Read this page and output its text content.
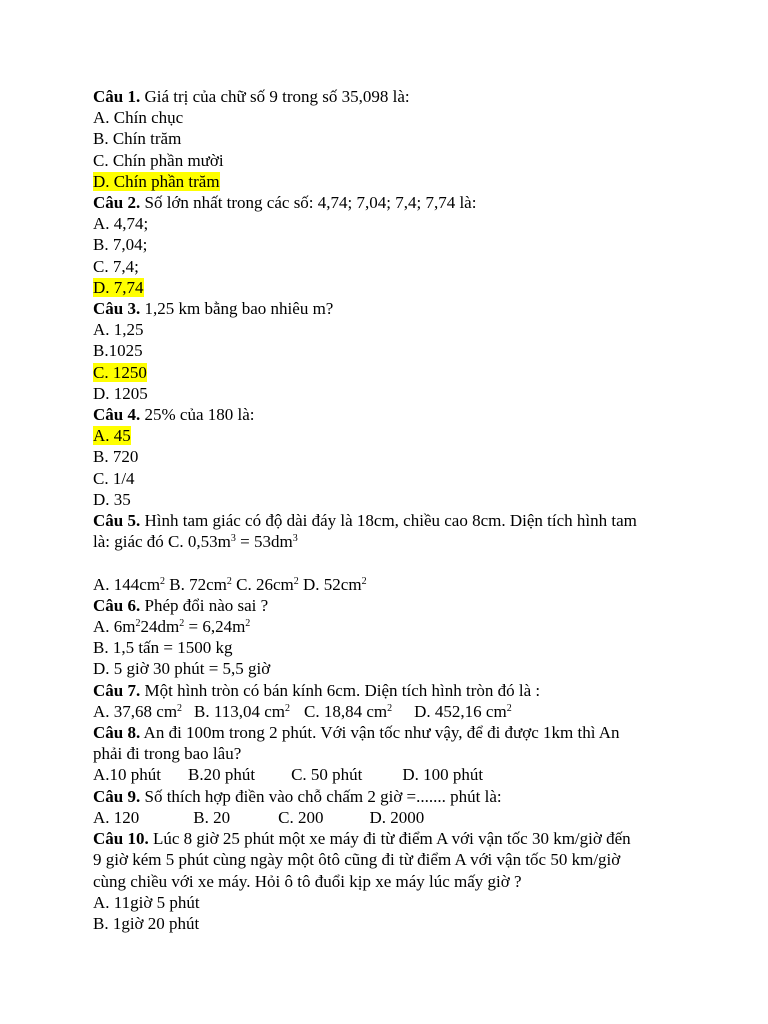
Câu 1. Giá trị của chữ số 9 trong số 35,098 là:
A. Chín chục
B. Chín trăm
C. Chín phần mười
D. Chín phần trăm
Câu 2. Số lớn nhất trong các số: 4,74; 7,04; 7,4; 7,74 là:
A. 4,74;
B. 7,04;
C. 7,4;
D. 7,74
Câu 3. 1,25 km bằng bao nhiêu m?
A. 1,25
B.1025
C. 1250
D. 1205
Câu 4. 25% của 180 là:
A. 45
B. 720
C. 1/4
D. 35
Câu 5. Hình tam giác có độ dài đáy là 18cm, chiều cao 8cm. Diện tích hình tam
là: giác đó C. $0,53m^3 = 53dm^3$
A. $144cm^2$ B. $72cm^2$ C. $26cm^2$ D. $52cm^2$
Câu 6. Phép đổi nào sai ?
A. $6m^224dm^2 = 6,24m^2$
B. 1,5 tấn = 1500 kg
D. 5 giờ 30 phút = 5,5 giờ
Câu 7. Một hình tròn có bán kính 6cm. Diện tích hình tròn đó là :
A. 37,68 $cm^2$ B. 113,04 $cm^2$ C. 18,84 $cm^2$ D. 452,16 $cm^2$
Câu 8. An đi 100m trong 2 phút. Với vận tốc như vậy, để đi được 1km thì An
phải đi trong bao lâu?
A.10 phút B.20 phút C. 50 phút D. 100 phút
Câu 9. Số thích hợp điền vào chỗ chấm 2 giờ =....... phút là:
A. 120	B. 20	C. 200	D. 2000
Câu 10. Lúc 8 giờ 25 phút một xe máy đi từ điểm A với vận tốc 30 km/giờ đến
9 giờ kém 5 phút cùng ngày một ôtô cũng đi từ điểm A với vận tốc 50 km/giờ
cùng chiều với xe máy. Hỏi ô tô đuổi kịp xe máy lúc mấy giờ ?
A. 11giờ 5 phút
B. 1giờ 20 phút
